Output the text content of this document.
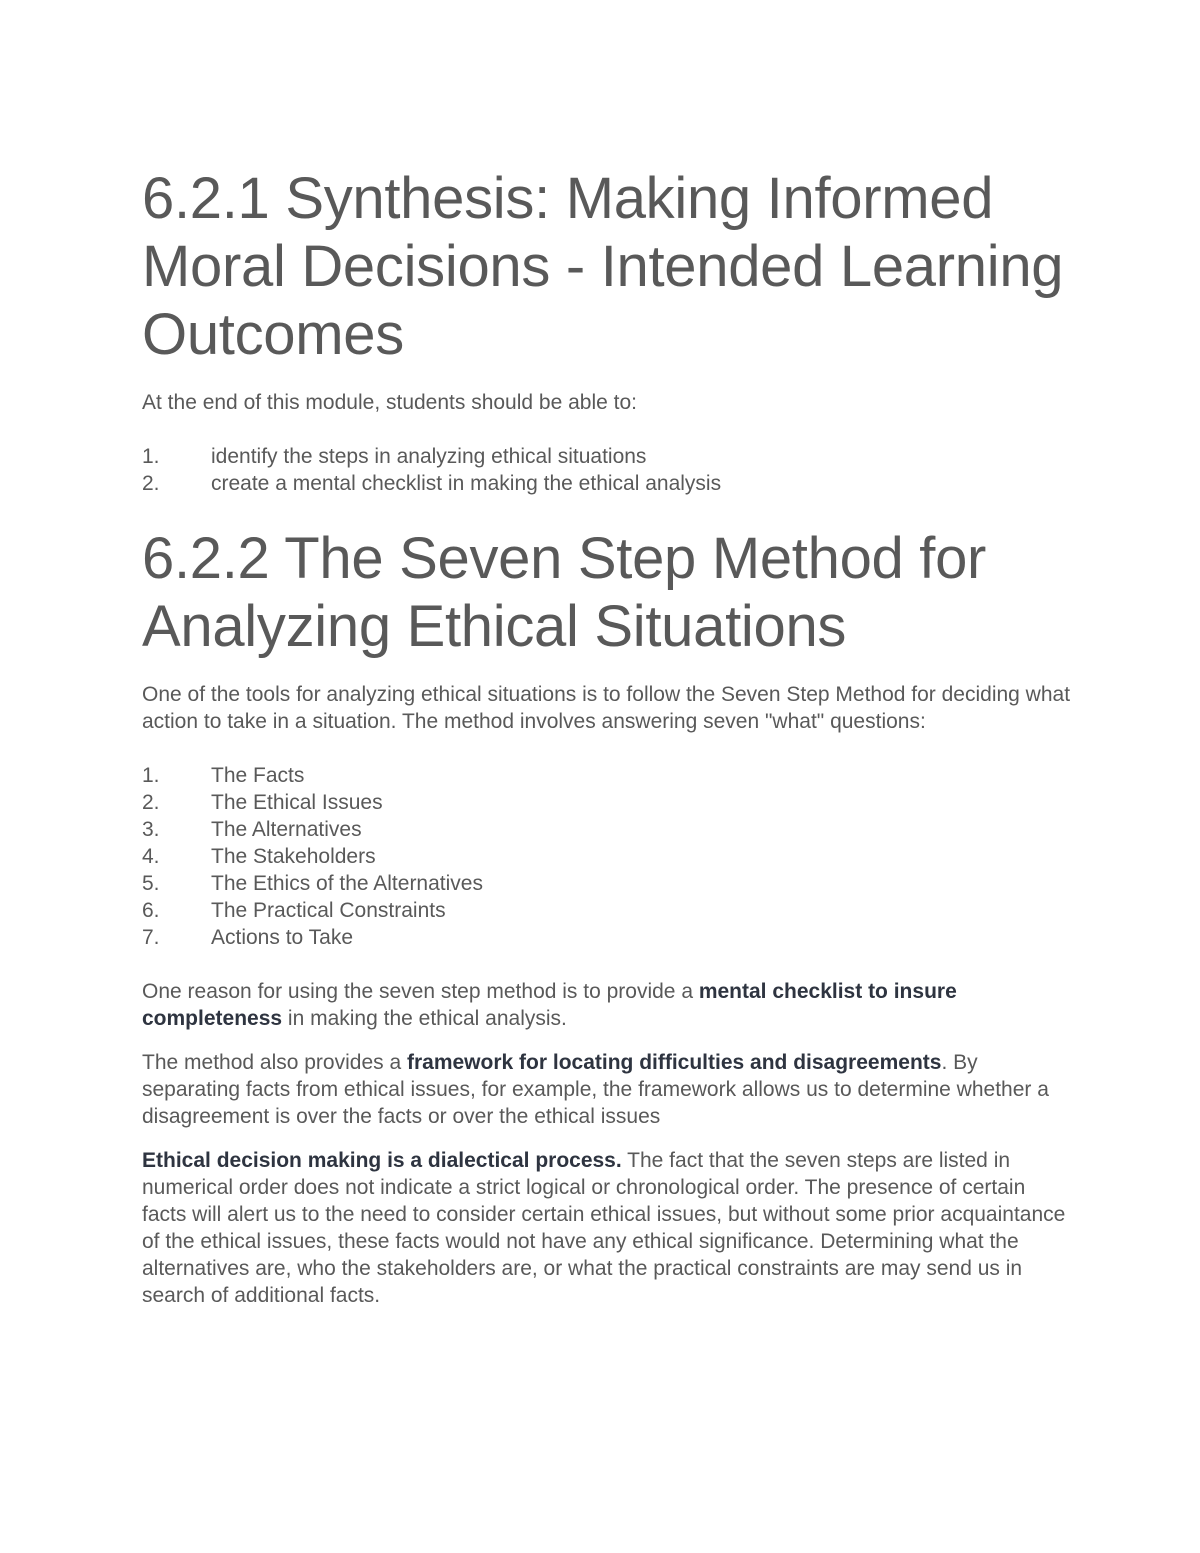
6.2.1 Synthesis: Making Informed Moral Decisions - Intended Learning Outcomes

At the end of this module, students should be able to:

1.	identify the steps in analyzing ethical situations
2.	create a mental checklist in making the ethical analysis
6.2.2 The Seven Step Method for Analyzing Ethical Situations

One of the tools for analyzing ethical situations is to follow the Seven Step Method for deciding what action to take in a situation. The method involves answering seven "what" questions:

1.	The Facts
2.	The Ethical Issues
3.	The Alternatives
4.	The Stakeholders
5.	The Ethics of the Alternatives
6.	The Practical Constraints
7.	Actions to Take

One reason for using the seven step method is to provide a mental checklist to insure completeness in making the ethical analysis.

The method also provides a framework for locating difficulties and disagreements. By separating facts from ethical issues, for example, the framework allows us to determine whether a disagreement is over the facts or over the ethical issues

Ethical decision making is a dialectical process. The fact that the seven steps are listed in numerical order does not indicate a strict logical or chronological order. The presence of certain facts will alert us to the need to consider certain ethical issues, but without some prior acquaintance of the ethical issues, these facts would not have any ethical significance. Determining what the alternatives are, who the stakeholders are, or what the practical constraints are may send us in search of additional facts.
